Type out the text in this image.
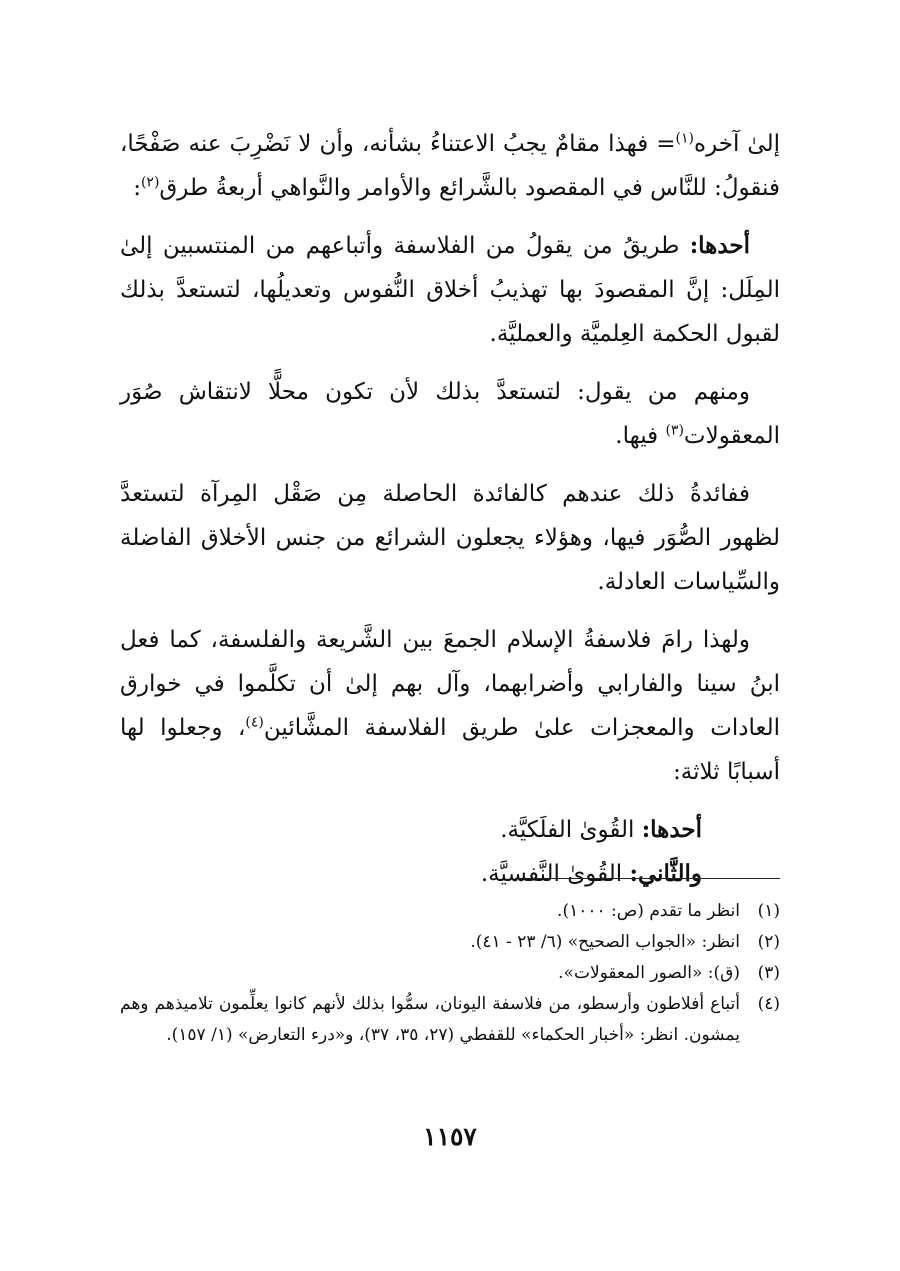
إلىٰ آخره$^{(١)}$= فهذا مقامٌ يجبُ الاعتناءُ بشأنه، وأن لا نَضْرِبَ عنه صَفْحًا، فنقولُ: للنَّاس في المقصود بالشَّرائع والأوامر والنَّواهي أربعةُ طرق$^{(٢)}$:

أحدها: طريقُ من يقولُ من الفلاسفة وأتباعهم من المنتسبين إلىٰ المِلَل: إنَّ المقصودَ بها تهذيبُ أخلاق النُّفوس وتعديلُها، لتستعدَّ بذلك لقبول الحكمة العِلميَّة والعمليَّة.

ومنهم من يقول: لتستعدَّ بذلك لأن تكون محلًّا لانتقاش صُوَر المعقولات$^{(٣)}$ فيها.

ففائدةُ ذلك عندهم كالفائدة الحاصلة مِن صَقْل المِرآة لتستعدَّ لظهور الصُّوَر فيها، وهؤلاء يجعلون الشرائع من جنس الأخلاق الفاضلة والسِّياسات العادلة.

ولهذا رامَ فلاسفةُ الإسلام الجمعَ بين الشَّريعة والفلسفة، كما فعل ابنُ سينا والفارابي وأضرابهما، وآل بهم إلىٰ أن تكلَّموا في خوارق العادات والمعجزات علىٰ طريق الفلاسفة المشَّائين$^{(٤)}$، وجعلوا لها أسبابًا ثلاثة:

أحدها: القُوىٰ الفلَكيَّة.

والثَّاني: القُوىٰ النَّفسيَّة.

(١)
انظر ما تقدم (ص: ١٠٠٠).
(٢)
انظر: «الجواب الصحيح» (٦/ ٢٣ - ٤١).
(٣)
(ق): «الصور المعقولات».
(٤)
أتباع أفلاطون وأرسطو، من فلاسفة اليونان، سمُّوا بذلك لأنهم كانوا يعلِّمون تلاميذهم وهم يمشون. انظر: «أخبار الحكماء» للقفطي (٢٧، ٣٥، ٣٧)، و«درء التعارض» (١/ ١٥٧).
١١٥٧
